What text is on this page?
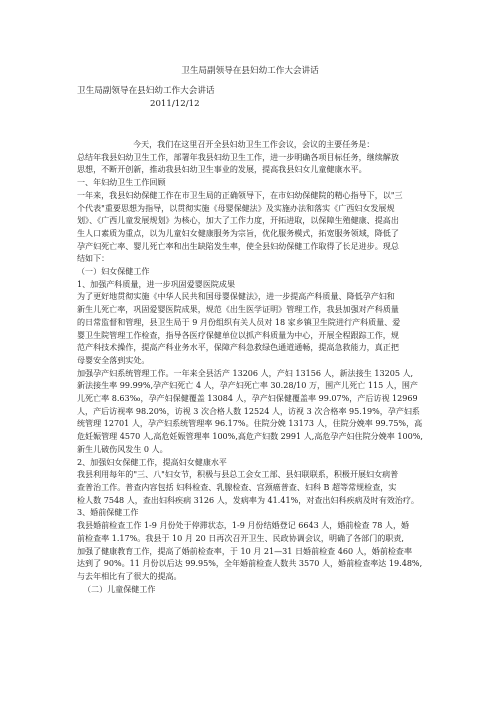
卫生局副领导在县妇幼工作大会讲话
卫生局副领导在县妇幼工作大会讲话
2011/12/12

今天，我们在这里召开全县妇幼卫生工作会议，会议的主要任务是：

总结年我县妇幼卫生工作，部署年我县妇幼卫生工作，进一步明确各项目标任务，继续解放

思想，不断开创新，推动我县妇幼卫生事业的发展，提高我县妇女儿童健康水平。

一、年妇幼卫生工作回顾

一年来，我县妇幼保健工作在市卫生局的正确领导下，在市妇幼保健院的精心指导下，以"三

个代表"重要思想为指导，以贯彻实施《母婴保健法》及实施办法和落实《广西妇女发展规

划》、《广西儿童发展规划》为核心，加大了工作力度，开拓进取，以保障生殖健康、提高出

生人口素质为重点，以为儿童妇女健康服务为宗旨，优化服务模式，拓宽服务领域，降低了

孕产妇死亡率、婴儿死亡率和出生缺陷发生率，使全县妇幼保健工作取得了长足进步。现总

结如下：

（一）妇女保健工作

1、加强产科质量，进一步巩固爱婴医院成果

为了更好地贯彻实施《中华人民共和国母婴保健法》，进一步提高产科质量、降低孕产妇和

新生儿死亡率，巩固爱婴医院成果，规范《出生医学证明》管理工作，我县加强对产科质量

的日常监督和管理，县卫生局于 9 月份组织有关人员对 18 家乡镇卫生院进行产科质量、爱

婴卫生院管理工作检查，指导各医疗保健单位以抓产科质量为中心，开展全程跟踪工作，规

范产科技术操作，提高产科业务水平，保障产科急救绿色通道通畅，提高急救能力，真正把

母婴安全落到实处。

加强孕产妇系统管理工作。一年来全县活产 13206 人，产妇 13156 人，新法接生 13205 人,

新法接生率 99.99%,孕产妇死亡 4 人，孕产妇死亡率 30.28/10 万，围产儿死亡 115 人，围产

儿死亡率 8.63‰，孕产妇保健覆盖 13084 人，孕产妇保健覆盖率 99.07%，产后访视 12969

人，产后访视率 98.20%，访视 3 次合格人数 12524 人，访视 3 次合格率 95.19%，孕产妇系

统管理 12701 人，孕产妇系统管理率 96.17%。住院分娩 13173 人，住院分娩率 99.75%，高

危妊娠管理 4570 人,高危妊娠管理率 100%,高危产妇数 2991 人,高危孕产妇住院分娩率 100%,

新生儿破伤风发生 0 人。

2、加强妇女保健工作，提高妇女健康水平

我县利用每年的"三、八"妇女节，积极与县总工会女工部、县妇联联系，积极开展妇女病普

查普治工作。普查内容包括 妇科检查、乳腺检查、宫颈癌普查、妇科 B 超等常规检查，实

检人数 7548 人，查出妇科疾病 3126 人，发病率为 41.41%，对查出妇科疾病及时有效治疗。

3、婚前保健工作

我县婚前检查工作 1-9 月份处于停滞状态，1-9 月份结婚登记 6643 人，婚前检查 78 人，婚

前检查率 1.17%。我县于 10 月 20 日再次召开卫生、民政协调会议，明确了各部门的职责,

加强了健康教育工作，提高了婚前检查率，于 10 月 21—31 日婚前检查 460 人，婚前检查率

达到了 90%。11 月份以后达 99.95%，全年婚前检查人数共 3570 人，婚前检查率达 19.48%,

与去年相比有了很大的提高。

（二）儿童保健工作
